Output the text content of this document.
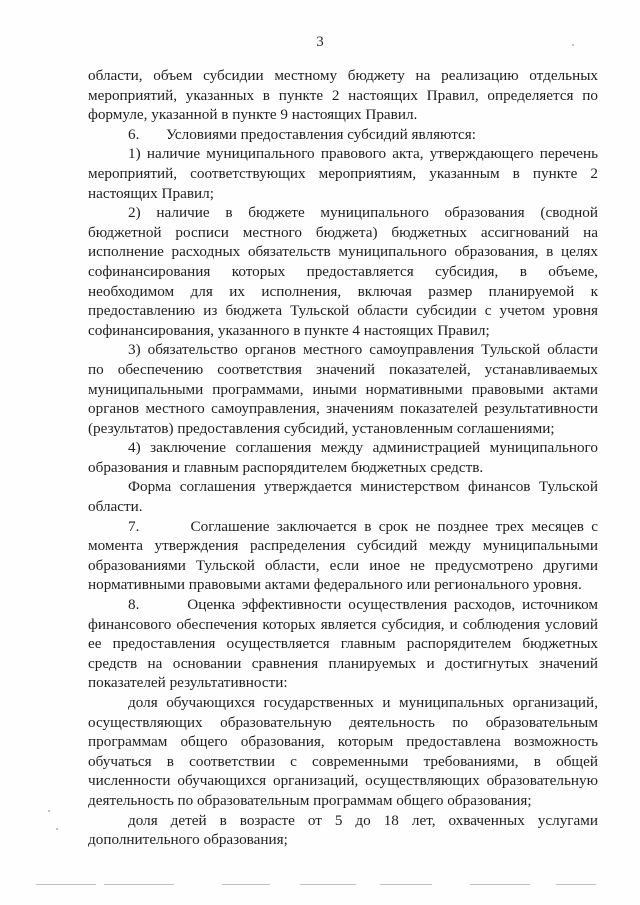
3

области, объем субсидии местному бюджету на реализацию отдельных мероприятий, указанных в пункте 2 настоящих Правил, определяется по формуле, указанной в пункте 9 настоящих Правил.

6.       Условиями предоставления субсидий являются:

1) наличие муниципального правового акта, утверждающего перечень мероприятий, соответствующих мероприятиям, указанным в пункте 2 настоящих Правил;

2) наличие в бюджете муниципального образования (сводной бюджетной росписи местного бюджета) бюджетных ассигнований на исполнение расходных обязательств муниципального образования, в целях софинансирования которых предоставляется субсидия, в объеме, необходимом для их исполнения, включая размер планируемой к предоставлению из бюджета Тульской области субсидии с учетом уровня софинансирования, указанного в пункте 4 настоящих Правил;

3) обязательство органов местного самоуправления Тульской области по обеспечению соответствия значений показателей, устанавливаемых муниципальными программами, иными нормативными правовыми актами органов местного самоуправления, значениям показателей результативности (результатов) предоставления субсидий, установленным соглашениями;

4) заключение соглашения между администрацией муниципального образования и главным распорядителем бюджетных средств.

Форма соглашения утверждается министерством финансов Тульской области.

7.       Соглашение заключается в срок не позднее трех месяцев с момента утверждения распределения субсидий между муниципальными образованиями Тульской области, если иное не предусмотрено другими нормативными правовыми актами федерального или регионального уровня.

8.       Оценка эффективности осуществления расходов, источником финансового обеспечения которых является субсидия, и соблюдения условий ее предоставления осуществляется главным распорядителем бюджетных средств на основании сравнения планируемых и достигнутых значений показателей результативности:

доля обучающихся государственных и муниципальных организаций, осуществляющих образовательную деятельность по образовательным программам общего образования, которым предоставлена возможность обучаться в соответствии с современными требованиями, в общей численности обучающихся организаций, осуществляющих образовательную деятельность по образовательным программам общего образования;

доля детей в возрасте от 5 до 18 лет, охваченных услугами дополнительного образования;
